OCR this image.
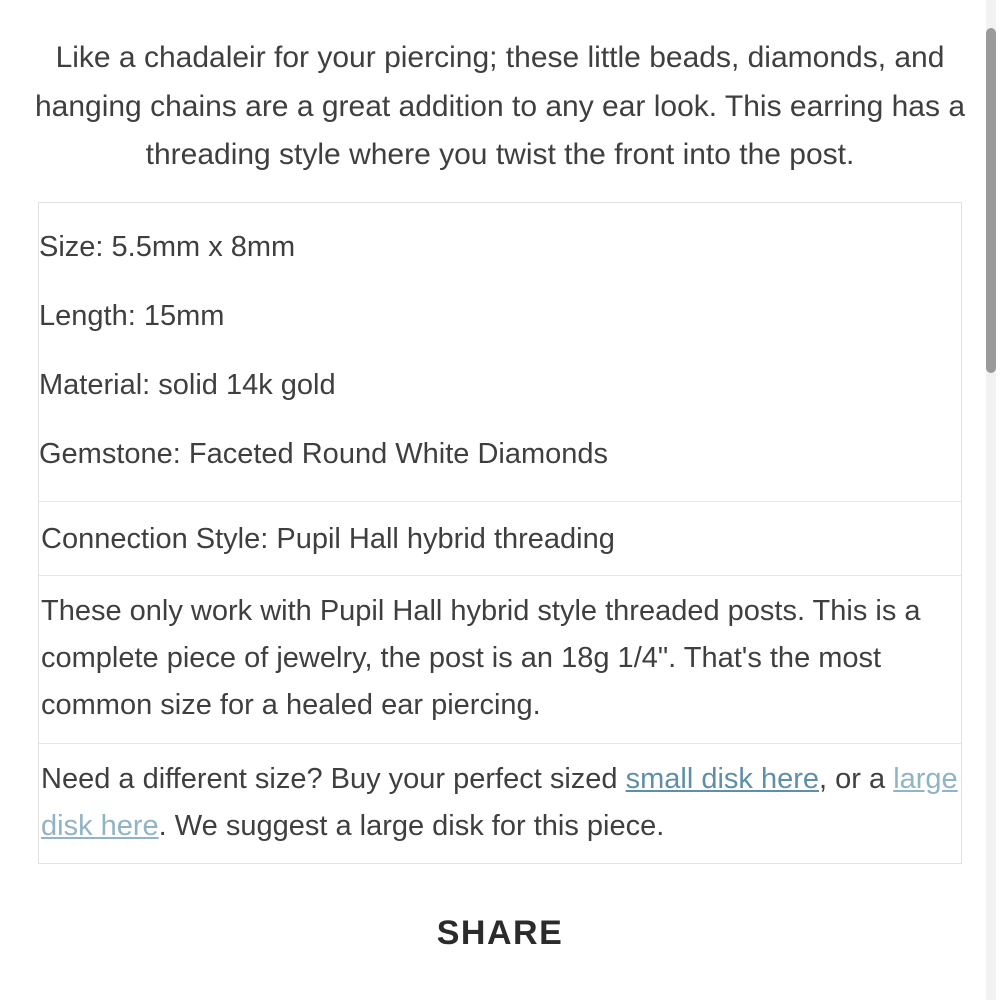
Like a chadaleir for your piercing; these little beads, diamonds, and hanging chains are a great addition to any ear look. This earring has a threading style where you twist the front into the post.
Size: 5.5mm x 8mm
Length: 15mm
Material: solid 14k gold
Gemstone: Faceted Round White Diamonds

Connection Style: Pupil Hall hybrid threading

These only work with Pupil Hall hybrid style threaded posts. This is a complete piece of jewelry, the post is an 18g 1/4". That's the most common size for a healed ear piercing.

Need a different size? Buy your perfect sized small disk here, or a large disk here. We suggest a large disk for this piece.

SHARE
